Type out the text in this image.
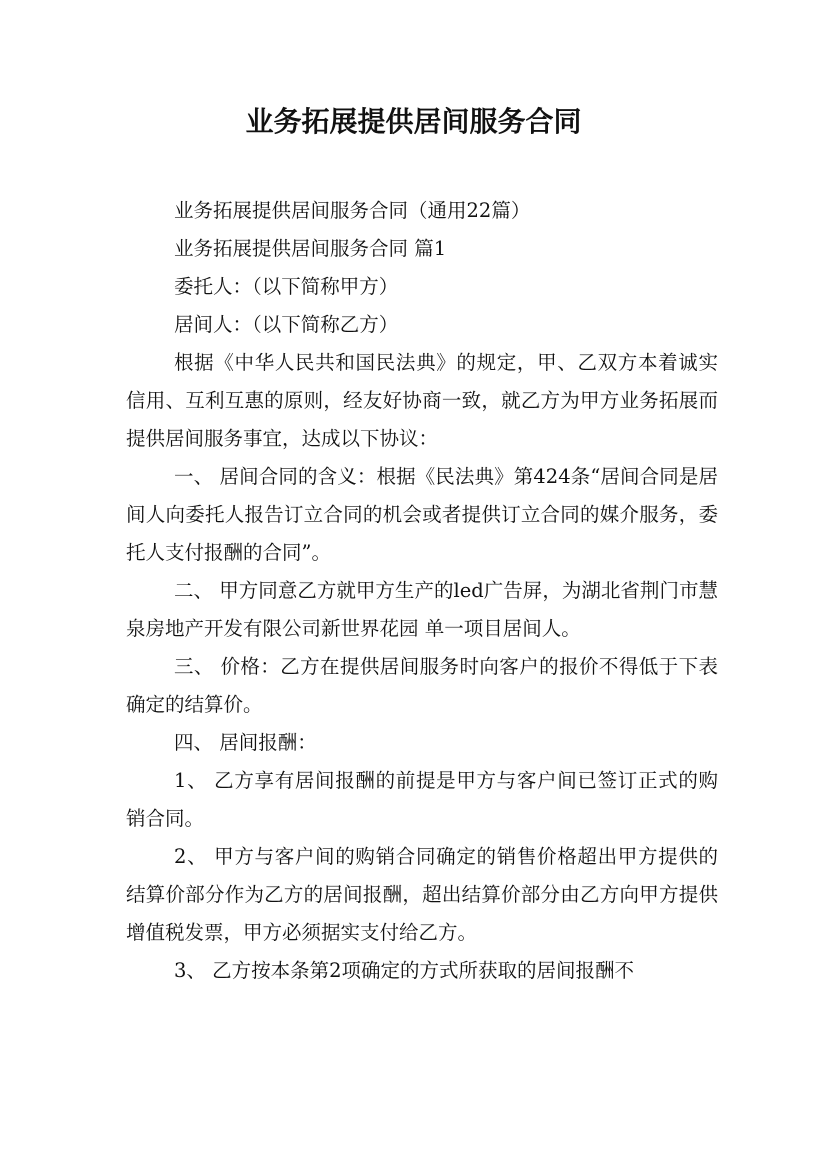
业务拓展提供居间服务合同

业务拓展提供居间服务合同（通用22篇）

业务拓展提供居间服务合同 篇1

委托人：（以下简称甲方）

居间人：（以下简称乙方）

根据《中华人民共和国民法典》的规定，甲、乙双方本着诚实信用、互利互惠的原则，经友好协商一致，就乙方为甲方业务拓展而提供居间服务事宜，达成以下协议：

一、 居间合同的含义：根据《民法典》第424条“居间合同是居间人向委托人报告订立合同的机会或者提供订立合同的媒介服务，委托人支付报酬的合同”。

二、 甲方同意乙方就甲方生产的led广告屏，为湖北省荆门市慧泉房地产开发有限公司新世界花园 单一项目居间人。

三、 价格：乙方在提供居间服务时向客户的报价不得低于下表确定的结算价。

四、 居间报酬：

1、 乙方享有居间报酬的前提是甲方与客户间已签订正式的购销合同。

2、 甲方与客户间的购销合同确定的销售价格超出甲方提供的结算价部分作为乙方的居间报酬，超出结算价部分由乙方向甲方提供增值税发票，甲方必须据实支付给乙方。

3、 乙方按本条第2项确定的方式所获取的居间报酬不
